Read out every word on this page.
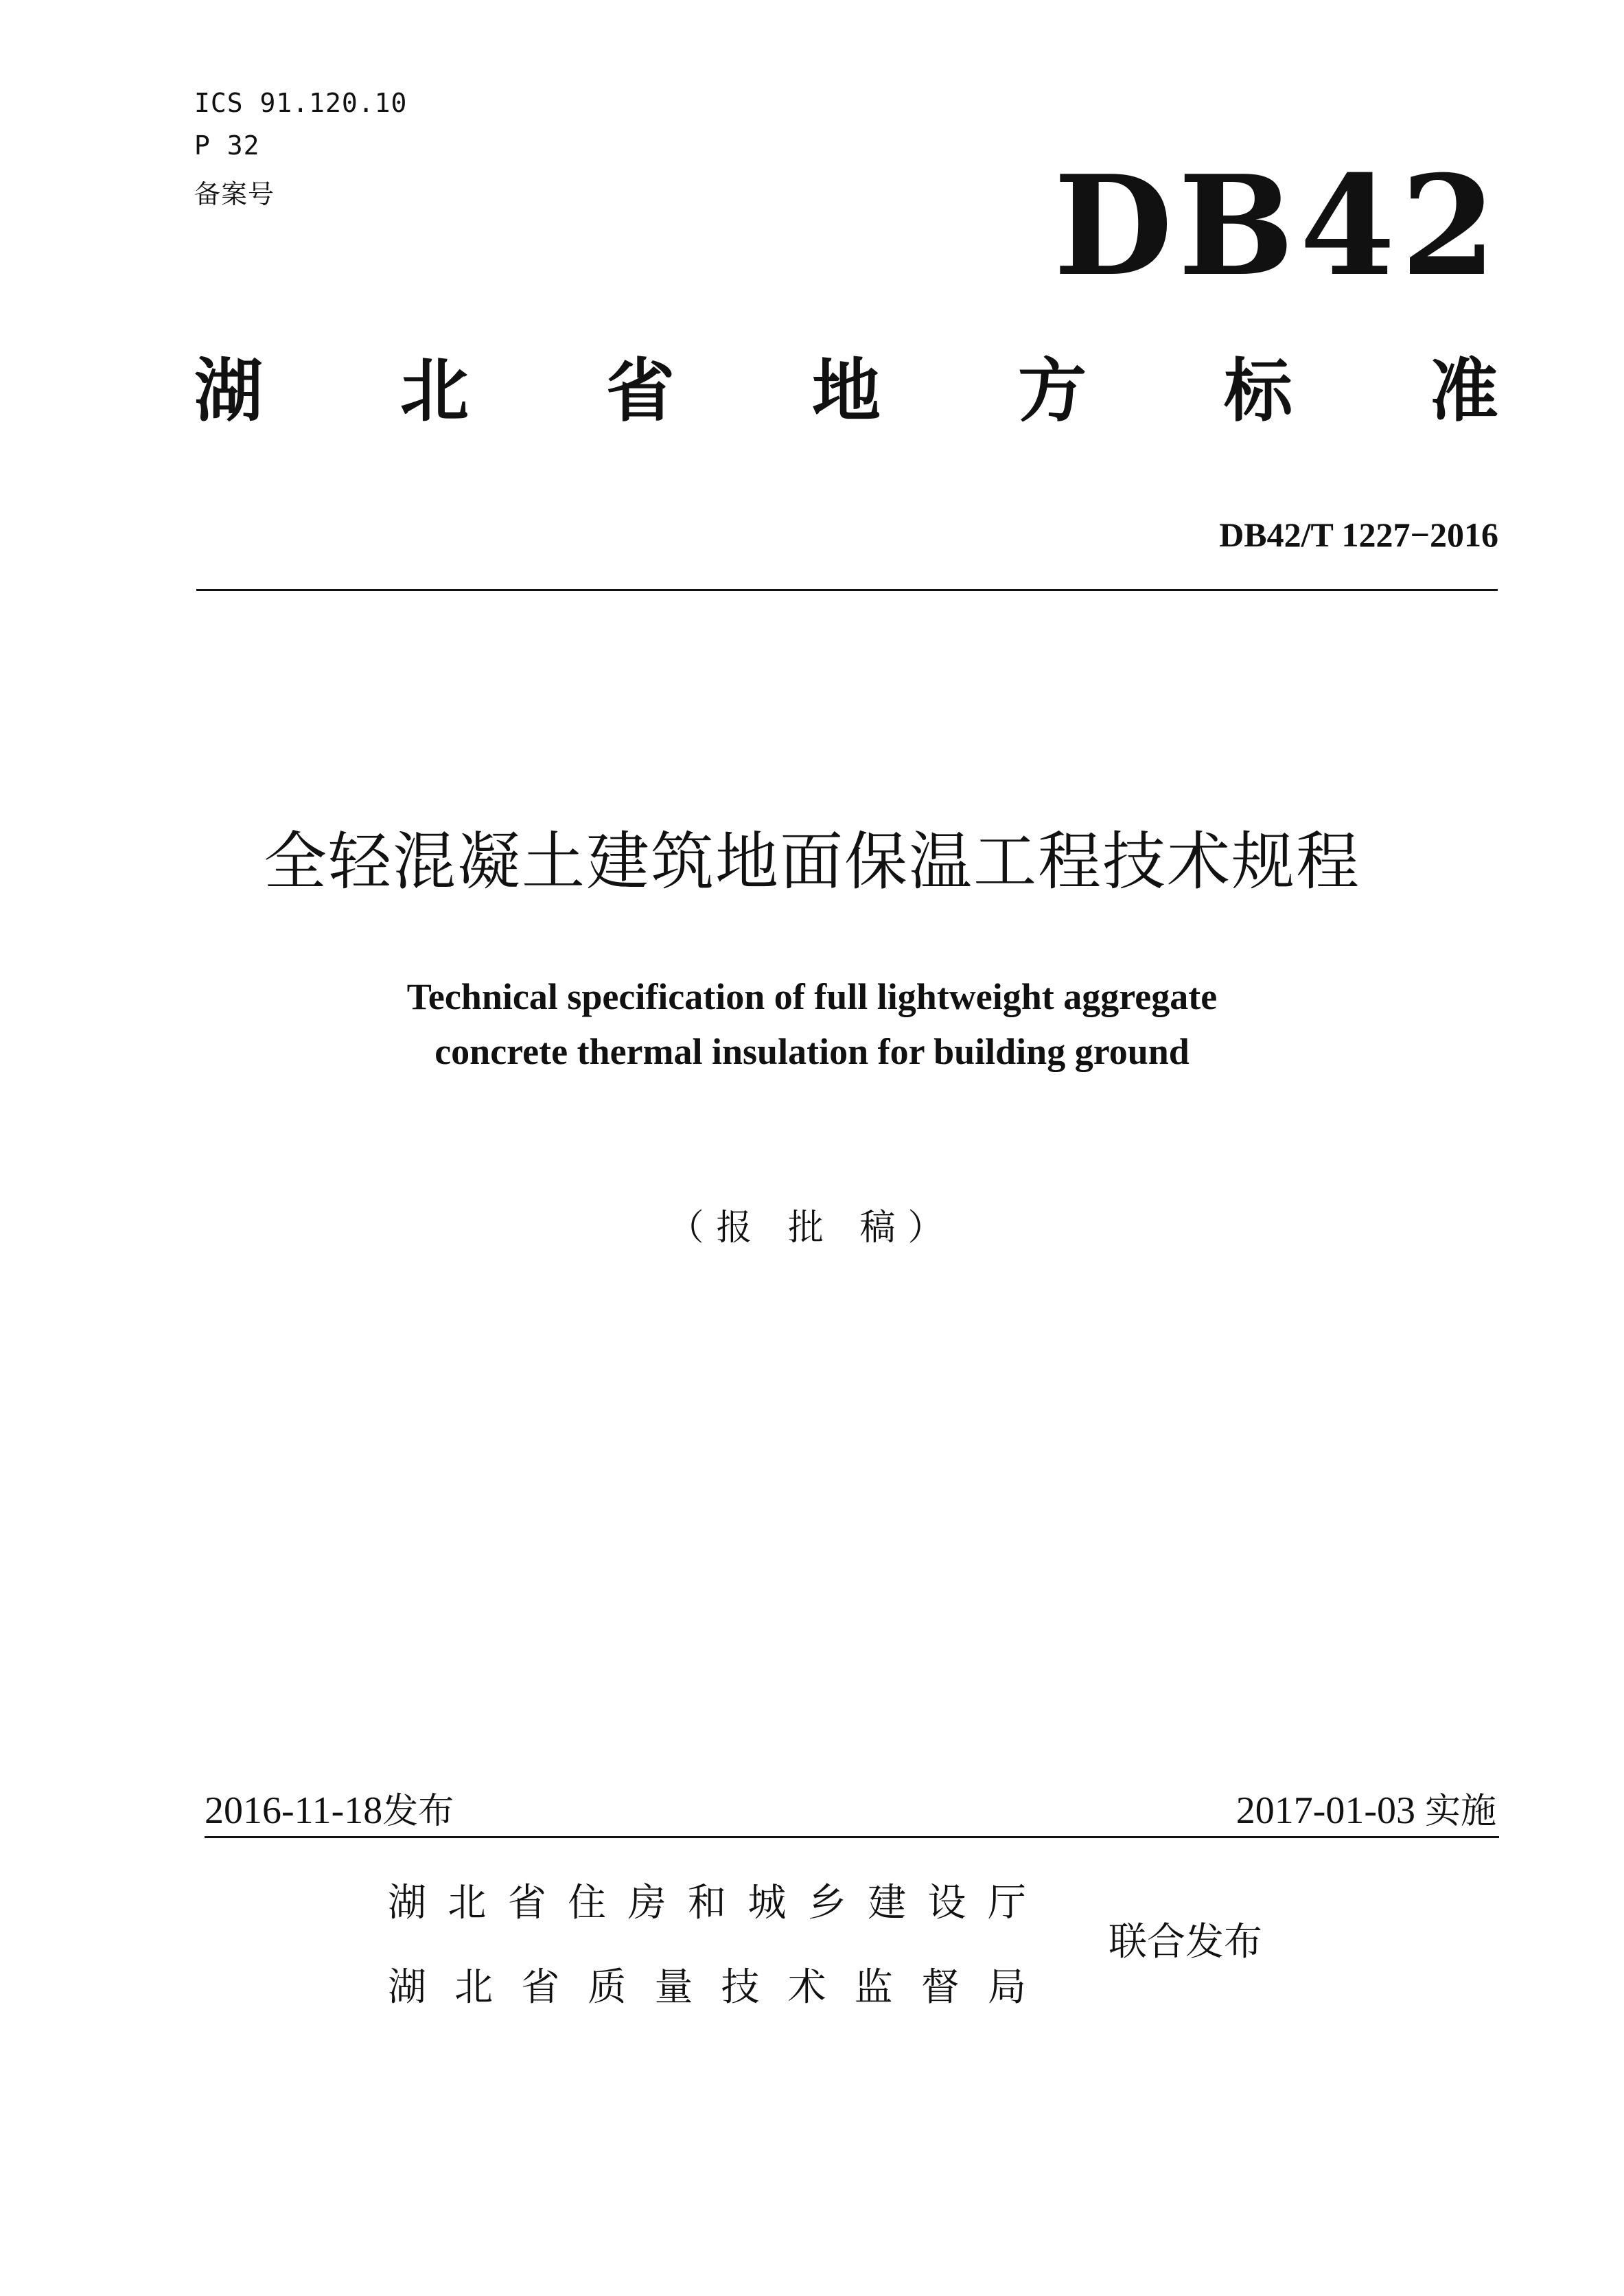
ICS 91.120.10
P 32
备案号	DB42
湖 北 省 地 方 标 准
DB42/T 1227−2016
全轻混凝土建筑地面保温工程技术规程
Technical specification of full lightweight aggregate
concrete thermal insulation for building ground
（报 批 稿）
2016-11-18发布	2017-01-03 实施
湖 北 省 住 房 和 城 乡 建 设 厅
湖 北 省 质 量 技 术 监 督 局
联合发布
